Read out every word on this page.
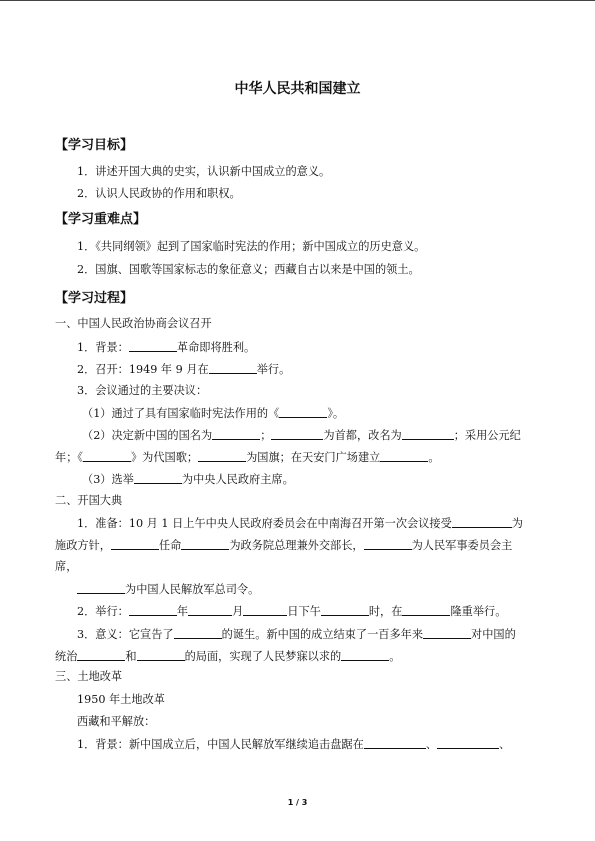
中华人民共和国建立
【学习目标】
1．讲述开国大典的史实，认识新中国成立的意义。
2．认识人民政协的作用和职权。
【学习重难点】
1．《共同纲领》起到了国家临时宪法的作用；新中国成立的历史意义。
2．国旗、国歌等国家标志的象征意义；西藏自古以来是中国的领土。
【学习过程】
一、中国人民政治协商会议召开
1．背景：	革命即将胜利。
2．召开：1949 年 9 月在	举行。
3．会议通过的主要决议：
（1）通过了具有国家临时宪法作用的《	》。
（2）决定新中国的国名为	；	为首都，改名为	；采用公元纪
年；《	》为代国歌；	为国旗；在天安门广场建立	。
（3）选举	为中央人民政府主席。
二、开国大典
1．准备：10 月 1 日上午中央人民政府委员会在中南海召开第一次会议接受	为
施政方针，	任命	为政务院总理兼外交部长，	为人民军事委员会主
席，
为中国人民解放军总司令。
2．举行：	年	月	日下午	时，在	隆重举行。
3．意义：它宣告了	的诞生。新中国的成立结束了一百多年来	对中国的
统治	和	的局面，实现了人民梦寐以求的	。
三、土地改革
1950 年土地改革
西藏和平解放：
1．背景：新中国成立后，中国人民解放军继续追击盘踞在	、	、
1 / 3
